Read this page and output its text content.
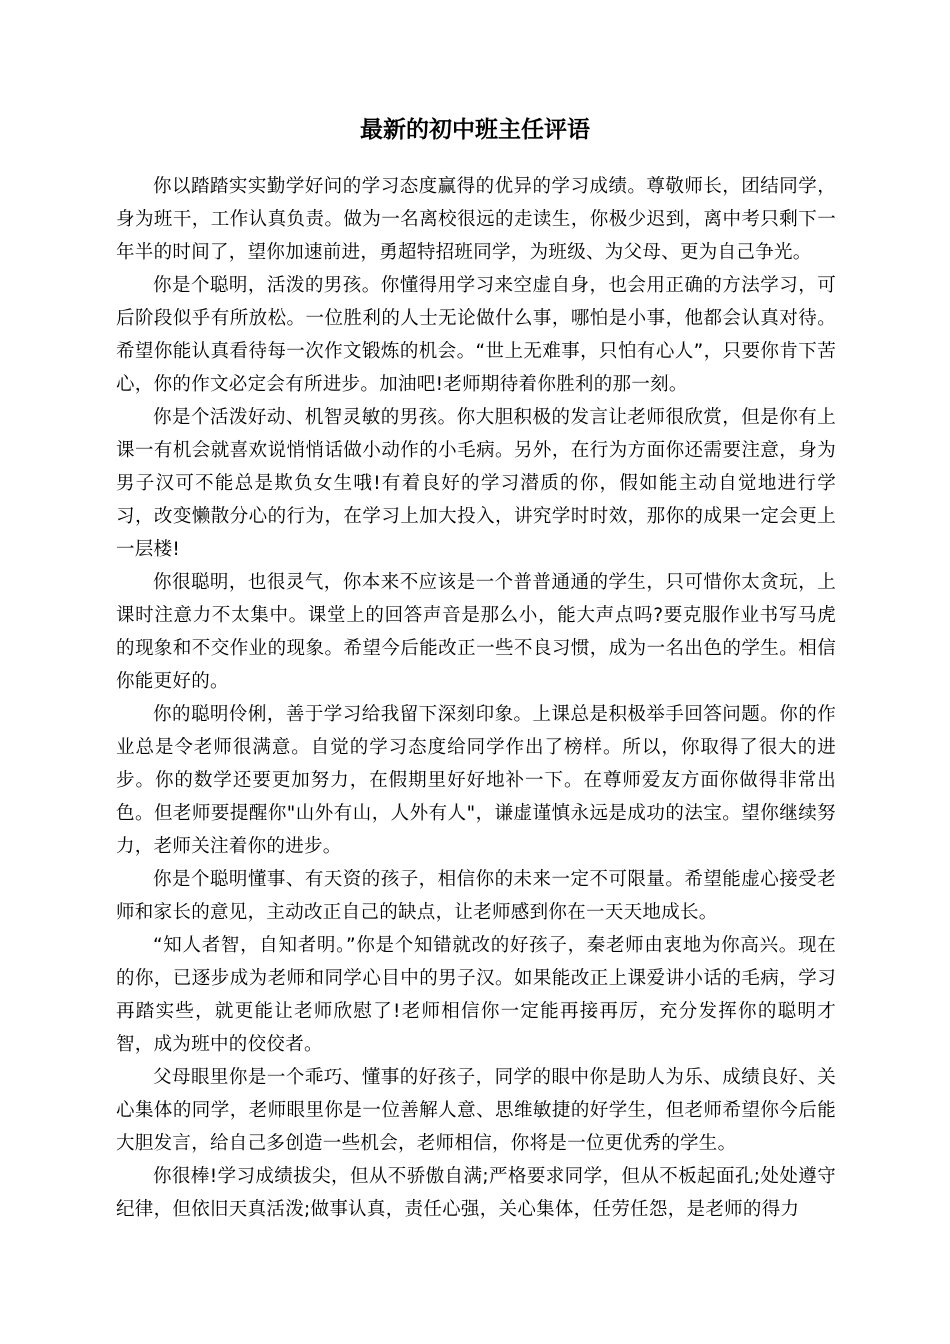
最新的初中班主任评语

你以踏踏实实勤学好问的学习态度赢得的优异的学习成绩。尊敬师长，团结同学，身为班干，工作认真负责。做为一名离校很远的走读生，你极少迟到，离中考只剩下一年半的时间了，望你加速前进，勇超特招班同学，为班级、为父母、更为自己争光。

你是个聪明，活泼的男孩。你懂得用学习来空虚自身，也会用正确的方法学习，可后阶段似乎有所放松。一位胜利的人士无论做什么事，哪怕是小事，他都会认真对待。希望你能认真看待每一次作文锻炼的机会。“世上无难事，只怕有心人”，只要你肯下苦心，你的作文必定会有所进步。加油吧!老师期待着你胜利的那一刻。

你是个活泼好动、机智灵敏的男孩。你大胆积极的发言让老师很欣赏，但是你有上课一有机会就喜欢说悄悄话做小动作的小毛病。另外，在行为方面你还需要注意，身为男子汉可不能总是欺负女生哦!有着良好的学习潜质的你，假如能主动自觉地进行学习，改变懒散分心的行为，在学习上加大投入，讲究学时时效，那你的成果一定会更上一层楼!

你很聪明，也很灵气，你本来不应该是一个普普通通的学生，只可惜你太贪玩，上课时注意力不太集中。课堂上的回答声音是那么小，能大声点吗?要克服作业书写马虎的现象和不交作业的现象。希望今后能改正一些不良习惯，成为一名出色的学生。相信你能更好的。

你的聪明伶俐，善于学习给我留下深刻印象。上课总是积极举手回答问题。你的作业总是令老师很满意。自觉的学习态度给同学作出了榜样。所以，你取得了很大的进步。你的数学还要更加努力，在假期里好好地补一下。在尊师爱友方面你做得非常出色。但老师要提醒你"山外有山，人外有人"，谦虚谨慎永远是成功的法宝。望你继续努力，老师关注着你的进步。

你是个聪明懂事、有天资的孩子，相信你的未来一定不可限量。希望能虚心接受老师和家长的意见，主动改正自己的缺点，让老师感到你在一天天地成长。

“知人者智，自知者明。”你是个知错就改的好孩子，秦老师由衷地为你高兴。现在的你，已逐步成为老师和同学心目中的男子汉。如果能改正上课爱讲小话的毛病，学习再踏实些，就更能让老师欣慰了!老师相信你一定能再接再厉，充分发挥你的聪明才智，成为班中的佼佼者。

父母眼里你是一个乖巧、懂事的好孩子，同学的眼中你是助人为乐、成绩良好、关心集体的同学，老师眼里你是一位善解人意、思维敏捷的好学生，但老师希望你今后能大胆发言，给自己多创造一些机会，老师相信，你将是一位更优秀的学生。

你很棒!学习成绩拔尖，但从不骄傲自满;严格要求同学，但从不板起面孔;处处遵守纪律，但依旧天真活泼;做事认真，责任心强，关心集体，任劳任怨，是老师的得力
